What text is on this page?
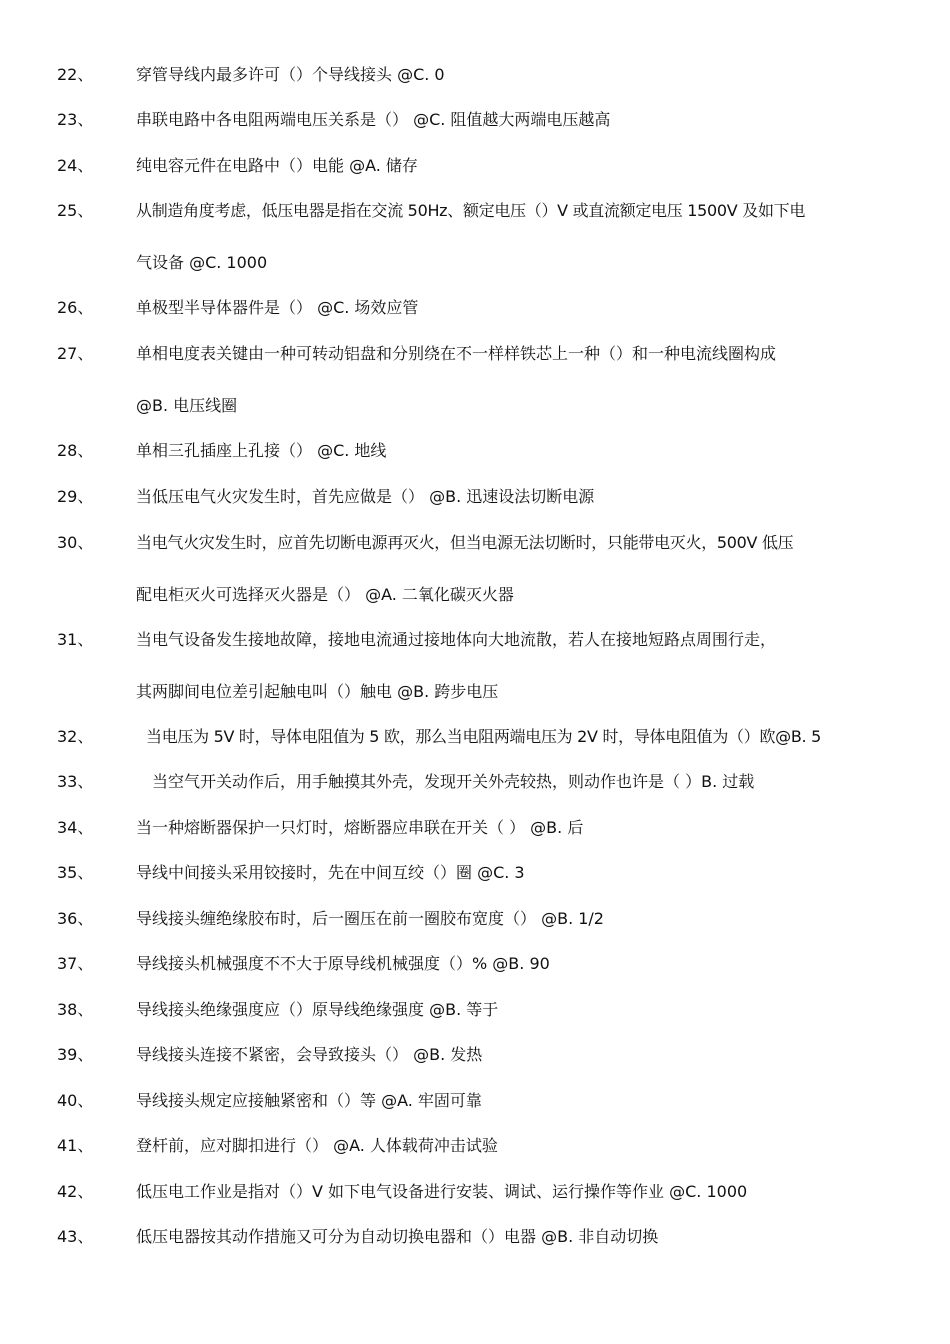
22、	穿管导线内最多许可（）个导线接头 @C. 0
23、	串联电路中各电阻两端电压关系是（） @C. 阻值越大两端电压越高
24、	纯电容元件在电路中（）电能 @A. 储存
25、	从制造角度考虑，低压电器是指在交流 50Hz、额定电压（）V 或直流额定电压 1500V 及如下电
气设备 @C. 1000
26、	单极型半导体器件是（） @C. 场效应管
27、	单相电度表关键由一种可转动铝盘和分别绕在不一样样铁芯上一种（）和一种电流线圈构成
@B. 电压线圈
28、	单相三孔插座上孔接（） @C. 地线
29、	当低压电气火灾发生时，首先应做是（） @B. 迅速设法切断电源
30、	当电气火灾发生时，应首先切断电源再灭火，但当电源无法切断时，只能带电灭火，500V 低压
配电柜灭火可选择灭火器是（） @A. 二氧化碳灭火器
31、	当电气设备发生接地故障，接地电流通过接地体向大地流散，若人在接地短路点周围行走，
其两脚间电位差引起触电叫（）触电 @B. 跨步电压
32、	当电压为 5V 时，导体电阻值为 5 欧，那么当电阻两端电压为 2V 时，导体电阻值为（）欧@B. 5
33、	当空气开关动作后，用手触摸其外壳，发现开关外壳较热，则动作也许是（ ）B. 过载
34、	当一种熔断器保护一只灯时，熔断器应串联在开关（ ） @B. 后
35、	导线中间接头采用铰接时，先在中间互绞（）圈 @C. 3
36、	导线接头缠绝缘胶布时，后一圈压在前一圈胶布宽度（） @B. 1/2
37、	导线接头机械强度不不大于原导线机械强度（）% @B. 90
38、	导线接头绝缘强度应（）原导线绝缘强度 @B. 等于
39、	导线接头连接不紧密，会导致接头（） @B. 发热
40、	导线接头规定应接触紧密和（）等 @A. 牢固可靠
41、	登杆前，应对脚扣进行（） @A. 人体载荷冲击试验
42、	低压电工作业是指对（）V 如下电气设备进行安装、调试、运行操作等作业 @C. 1000
43、	低压电器按其动作措施又可分为自动切换电器和（）电器 @B. 非自动切换
